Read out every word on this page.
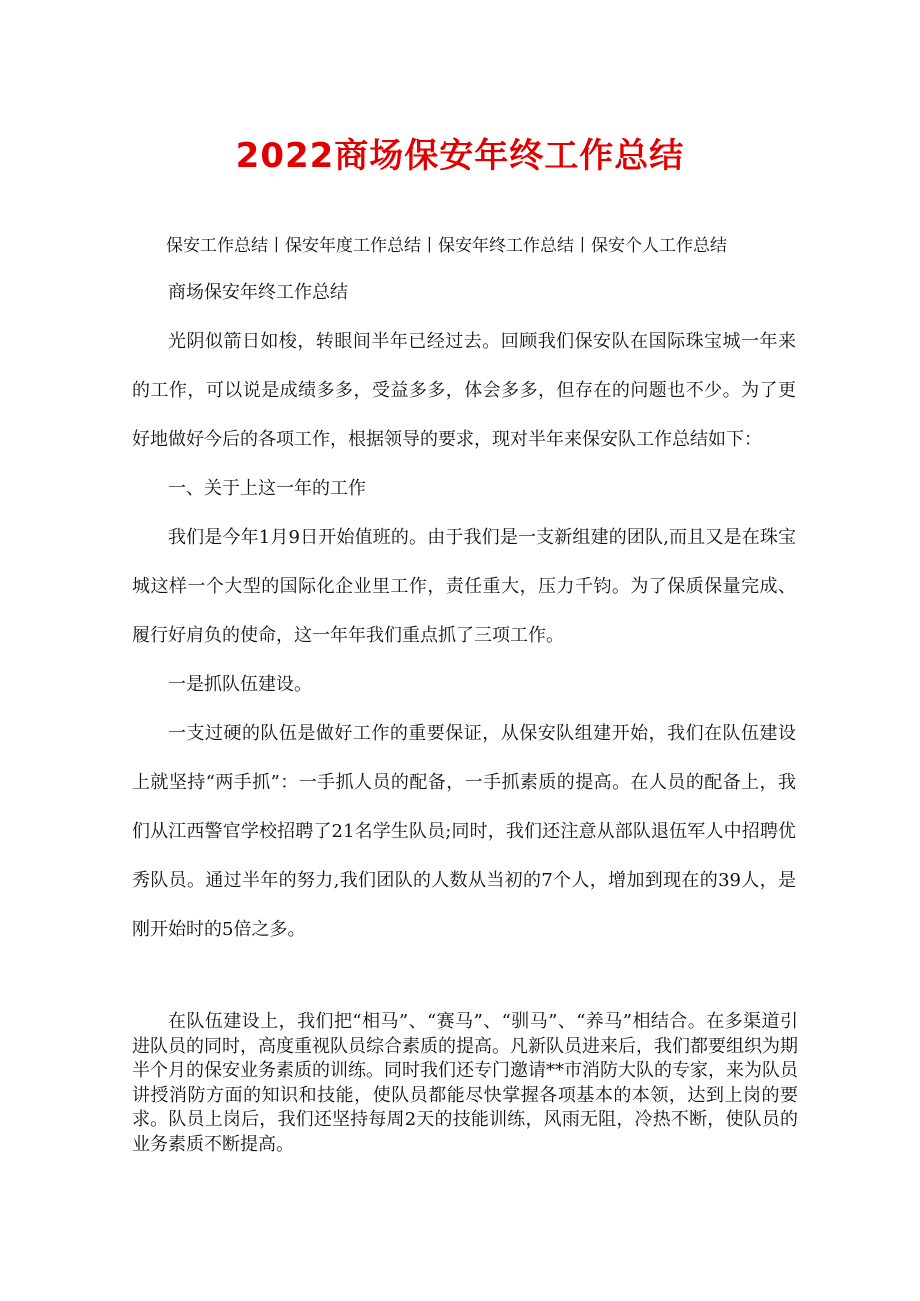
2022商场保安年终工作总结

保安工作总结丨保安年度工作总结丨保安年终工作总结丨保安个人工作总结

商场保安年终工作总结

光阴似箭日如梭，转眼间半年已经过去。回顾我们保安队在国际珠宝城一年来的工作，可以说是成绩多多，受益多多，体会多多，但存在的问题也不少。为了更好地做好今后的各项工作，根据领导的要求，现对半年来保安队工作总结如下：

一、关于上这一年的工作

我们是今年1月9日开始值班的。由于我们是一支新组建的团队,而且又是在珠宝城这样一个大型的国际化企业里工作，责任重大，压力千钧。为了保质保量完成、履行好肩负的使命，这一年年我们重点抓了三项工作。

一是抓队伍建设。

一支过硬的队伍是做好工作的重要保证，从保安队组建开始，我们在队伍建设上就坚持“两手抓”：一手抓人员的配备，一手抓素质的提高。在人员的配备上，我们从江西警官学校招聘了21名学生队员;同时，我们还注意从部队退伍军人中招聘优秀队员。通过半年的努力,我们团队的人数从当初的7个人，增加到现在的39人，是刚开始时的5倍之多。

在队伍建设上，我们把“相马”、“赛马”、“驯马”、“养马”相结合。在多渠道引进队员的同时，高度重视队员综合素质的提高。凡新队员进来后，我们都要组织为期半个月的保安业务素质的训练。同时我们还专门邀请**市消防大队的专家，来为队员讲授消防方面的知识和技能，使队员都能尽快掌握各项基本的本领，达到上岗的要求。队员上岗后，我们还坚持每周2天的技能训练，风雨无阻，冷热不断，使队员的业务素质不断提高。
